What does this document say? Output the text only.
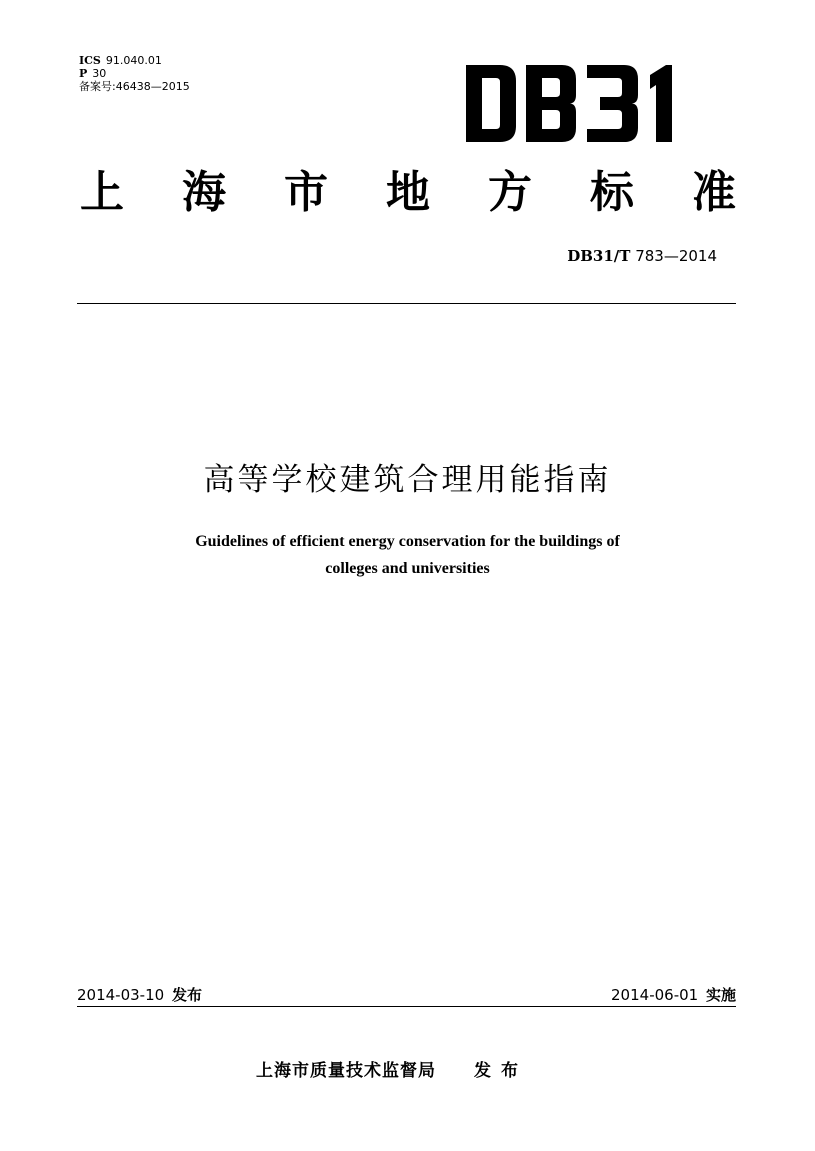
ICS 91.040.01
P 30
备案号:46438—2015
上 海 市 地 方 标 准
DB31/T 783—2014
高等学校建筑合理用能指南
Guidelines of efficient energy conservation for the buildings of
colleges and universities
2014-03-10 发布	2014-06-01 实施
上海市质量技术监督局 发布
